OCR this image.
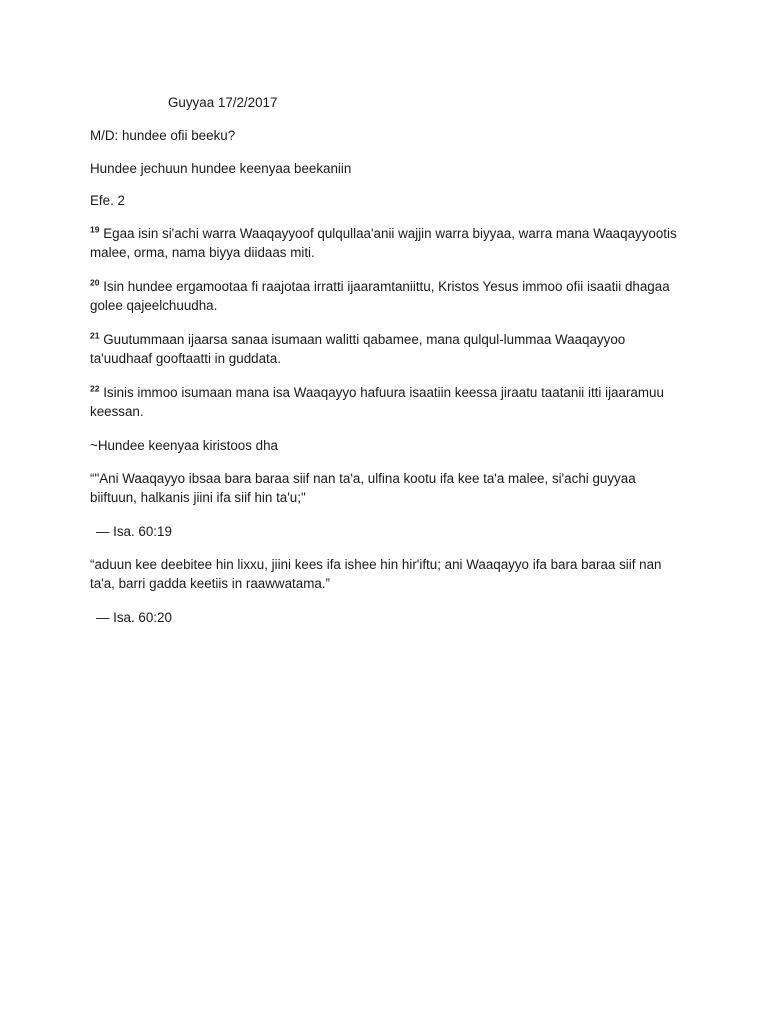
Guyyaa 17/2/2017

M/D: hundee ofii beeku?

Hundee jechuun hundee keenyaa beekaniin

Efe. 2

$^{19}$ Egaa isin si'achi warra Waaqayyoof qulqullaa'anii wajjin warra biyyaa, warra mana Waaqayyootis malee, orma, nama biyya diidaas miti.

$^{20}$ Isin hundee ergamootaa fi raajotaa irratti ijaaramtaniittu, Kristos Yesus immoo ofii isaatii dhagaa golee qajeelchuudha.

$^{21}$ Guutummaan ijaarsa sanaa isumaan walitti qabamee, mana qulqul-lummaa Waaqayyoo ta'uudhaaf gooftaatti in guddata.

$^{22}$ Isinis immoo isumaan mana isa Waaqayyo hafuura isaatiin keessa jiraatu taatanii itti ijaaramuu keessan.

~Hundee keenyaa kiristoos dha

“"Ani Waaqayyo ibsaa bara baraa siif nan ta'a, ulfina kootu ifa kee ta'a malee, si'achi guyyaa biiftuun, halkanis jiini ifa siif hin ta'u;"

— Isa. 60:19

“aduun kee deebitee hin lixxu, jiini kees ifa ishee hin hir'iftu; ani Waaqayyo ifa bara baraa siif nan ta'a, barri gadda keetiis in raawwatama.”

— Isa. 60:20
